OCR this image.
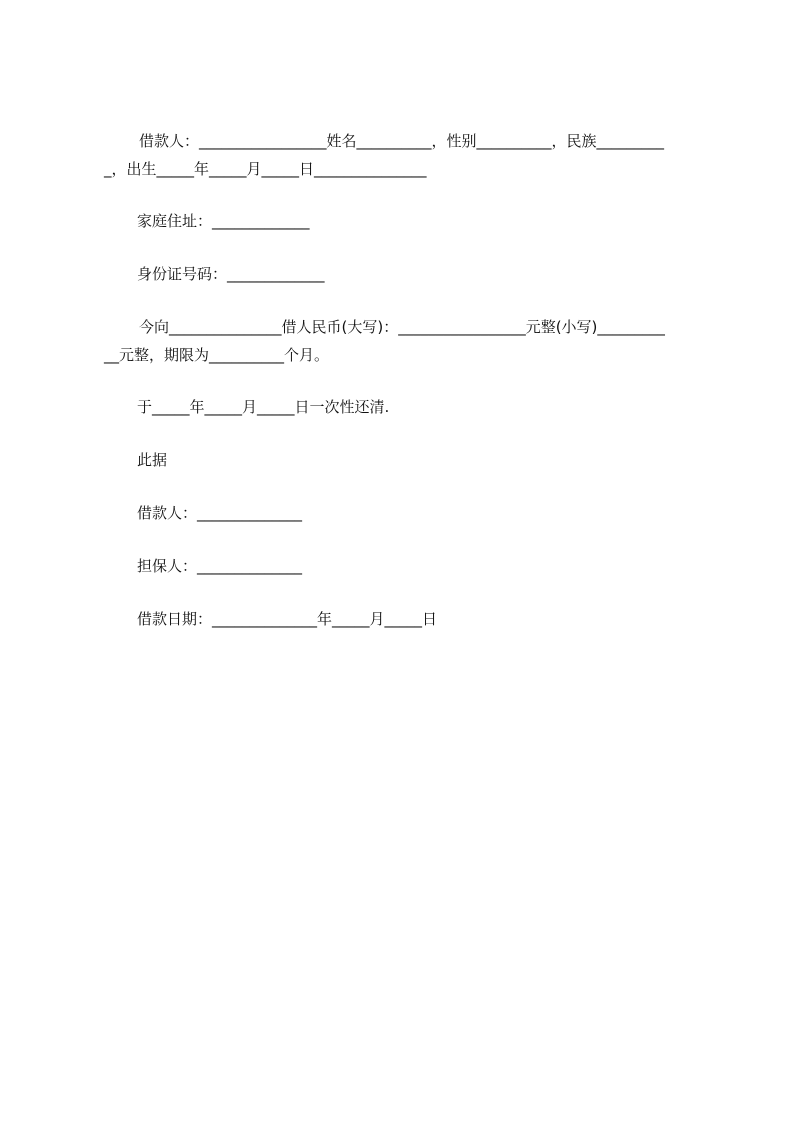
借款人：_________________姓名__________，性别__________，民族_________
_，出生_____年_____月_____日_______________
家庭住址：_____________
身份证号码：_____________
今向_______________借人民币(大写)：_________________元整(小写)_________
__元整，期限为__________个月。
于_____年_____月_____日一次性还清.
此据
借款人：______________
担保人：______________
借款日期：______________年_____月_____日
